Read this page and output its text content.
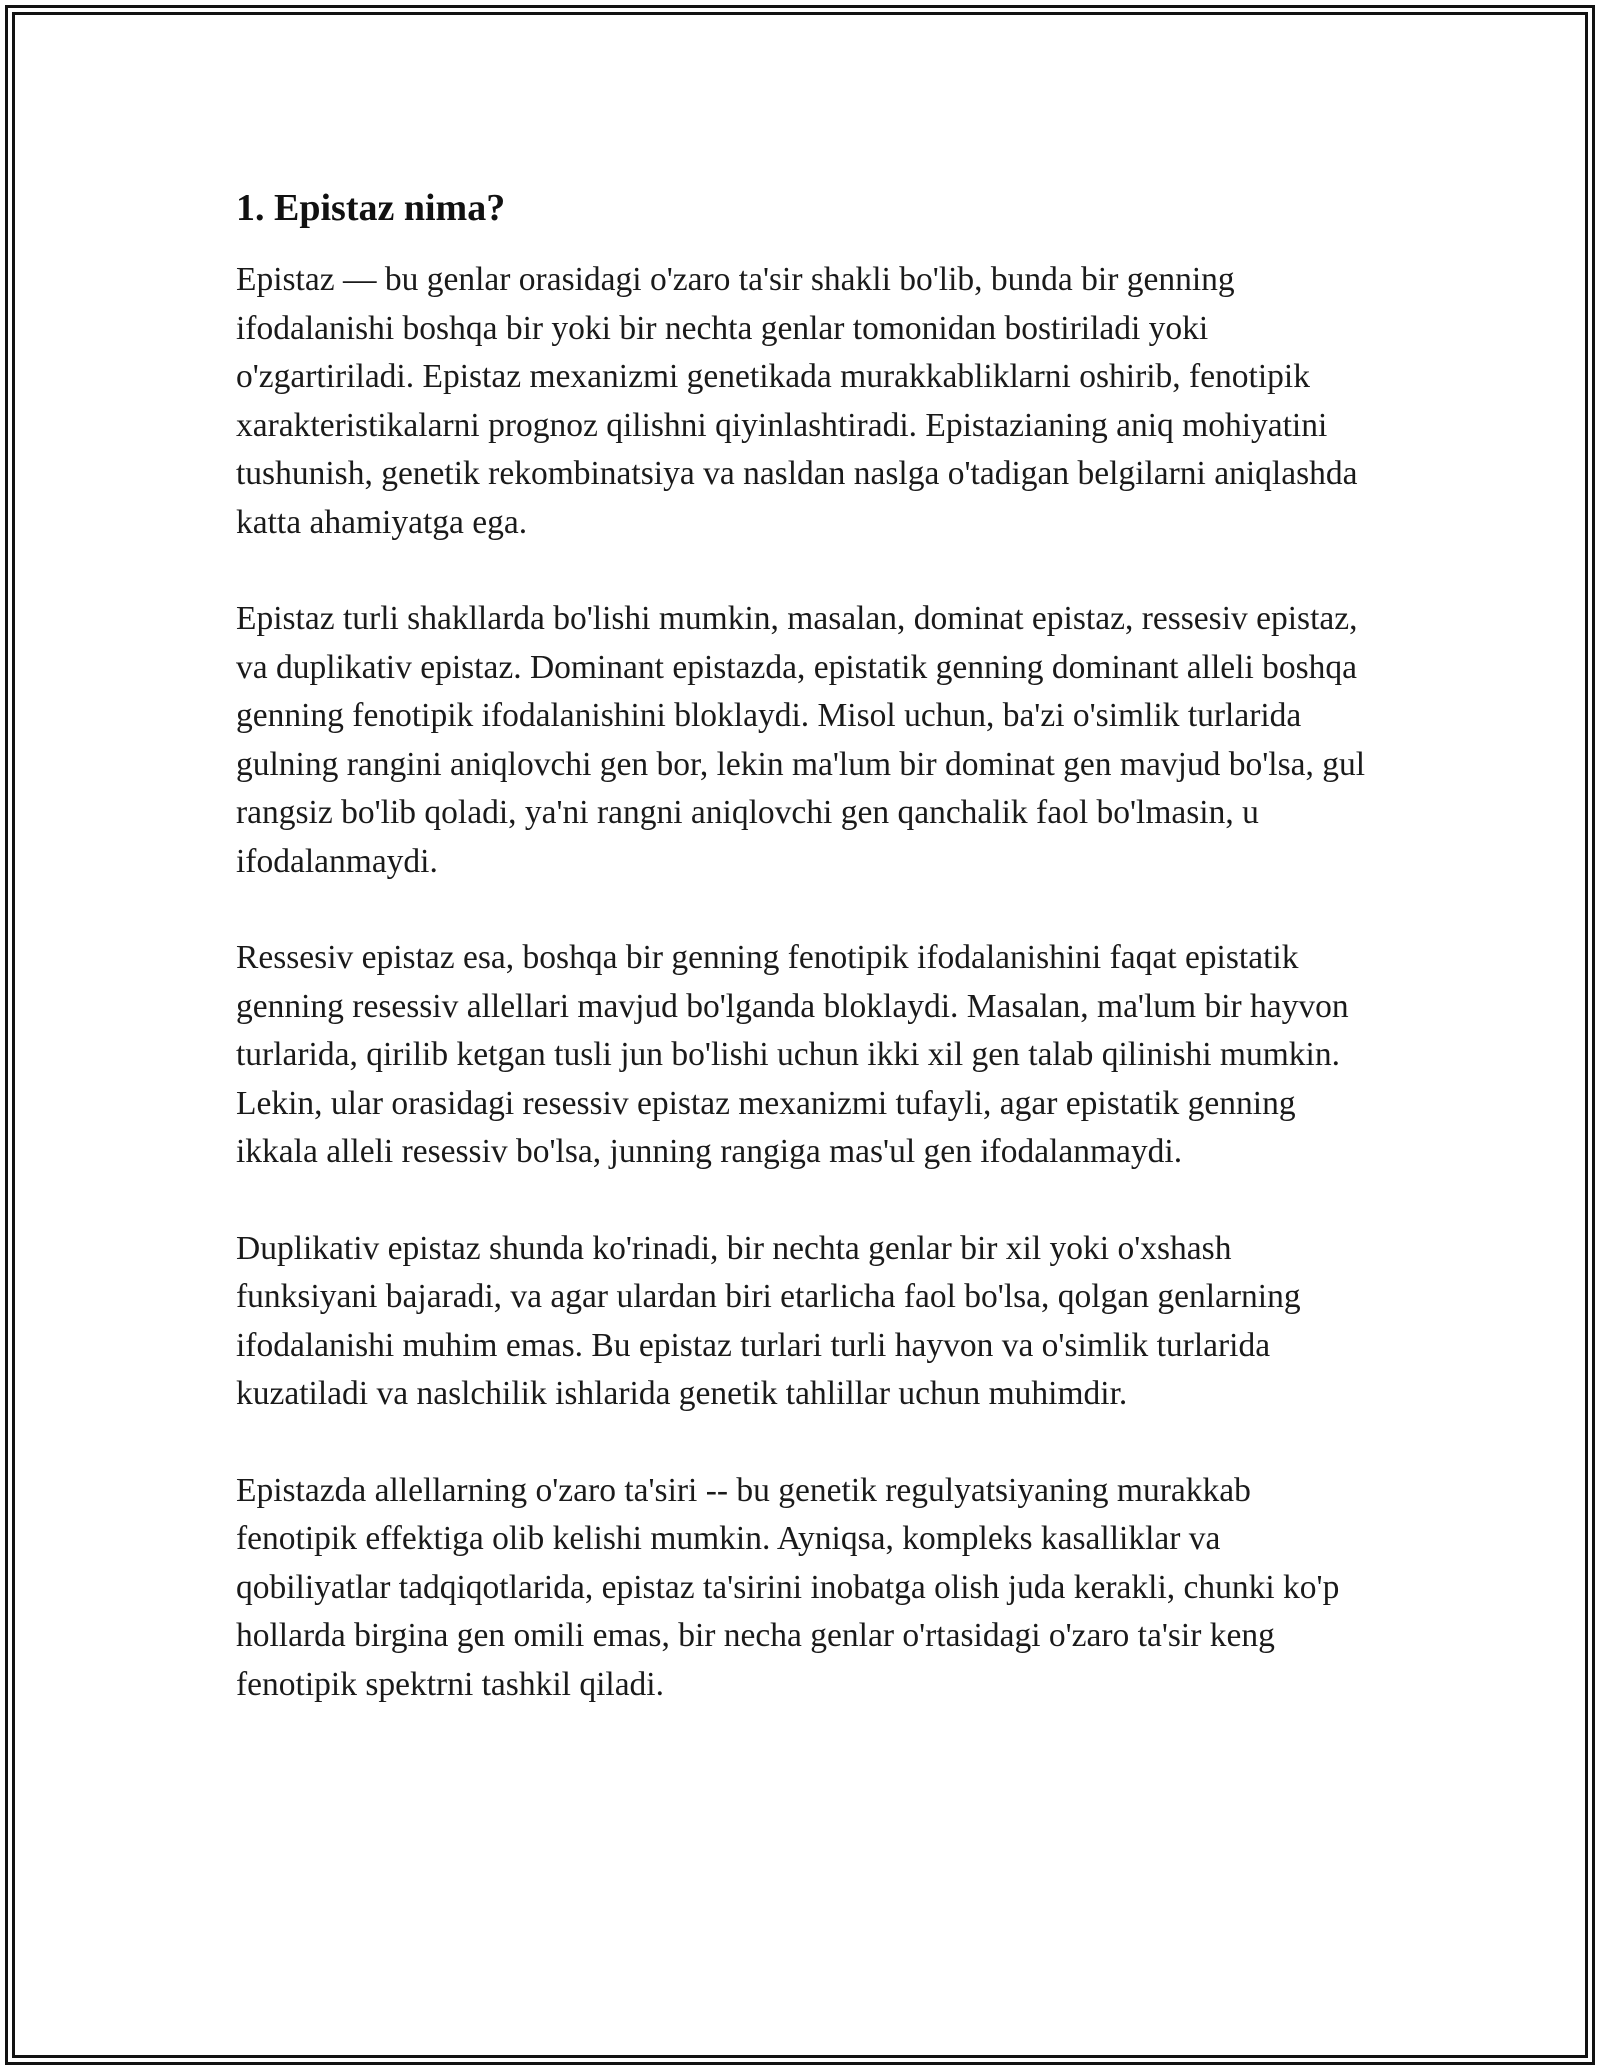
1. Epistaz nima?

Epistaz — bu genlar orasidagi o'zaro ta'sir shakli bo'lib, bunda bir genning ifodalanishi boshqa bir yoki bir nechta genlar tomonidan bostiriladi yoki o'zgartiriladi. Epistaz mexanizmi genetikada murakkabliklarni oshirib, fenotipik xarakteristikalarni prognoz qilishni qiyinlashtiradi. Epistazianing aniq mohiyatini tushunish, genetik rekombinatsiya va nasldan naslga o'tadigan belgilarni aniqlashda katta ahamiyatga ega.

Epistaz turli shakllarda bo'lishi mumkin, masalan, dominat epistaz, ressesiv epistaz, va duplikativ epistaz. Dominant epistazda, epistatik genning dominant alleli boshqa genning fenotipik ifodalanishini bloklaydi. Misol uchun, ba'zi o'simlik turlarida gulning rangini aniqlovchi gen bor, lekin ma'lum bir dominat gen mavjud bo'lsa, gul rangsiz bo'lib qoladi, ya'ni rangni aniqlovchi gen qanchalik faol bo'lmasin, u ifodalanmaydi.

Ressesiv epistaz esa, boshqa bir genning fenotipik ifodalanishini faqat epistatik genning resessiv allellari mavjud bo'lganda bloklaydi. Masalan, ma'lum bir hayvon turlarida, qirilib ketgan tusli jun bo'lishi uchun ikki xil gen talab qilinishi mumkin. Lekin, ular orasidagi resessiv epistaz mexanizmi tufayli, agar epistatik genning ikkala alleli resessiv bo'lsa, junning rangiga mas'ul gen ifodalanmaydi.

Duplikativ epistaz shunda ko'rinadi, bir nechta genlar bir xil yoki o'xshash funksiyani bajaradi, va agar ulardan biri etarlicha faol bo'lsa, qolgan genlarning ifodalanishi muhim emas. Bu epistaz turlari turli hayvon va o'simlik turlarida kuzatiladi va naslchilik ishlarida genetik tahlillar uchun muhimdir.

Epistazda allellarning o'zaro ta'siri -- bu genetik regulyatsiyaning murakkab fenotipik effektiga olib kelishi mumkin. Ayniqsa, kompleks kasalliklar va qobiliyatlar tadqiqotlarida, epistaz ta'sirini inobatga olish juda kerakli, chunki ko'p hollarda birgina gen omili emas, bir necha genlar o'rtasidagi o'zaro ta'sir keng fenotipik spektrni tashkil qiladi.
